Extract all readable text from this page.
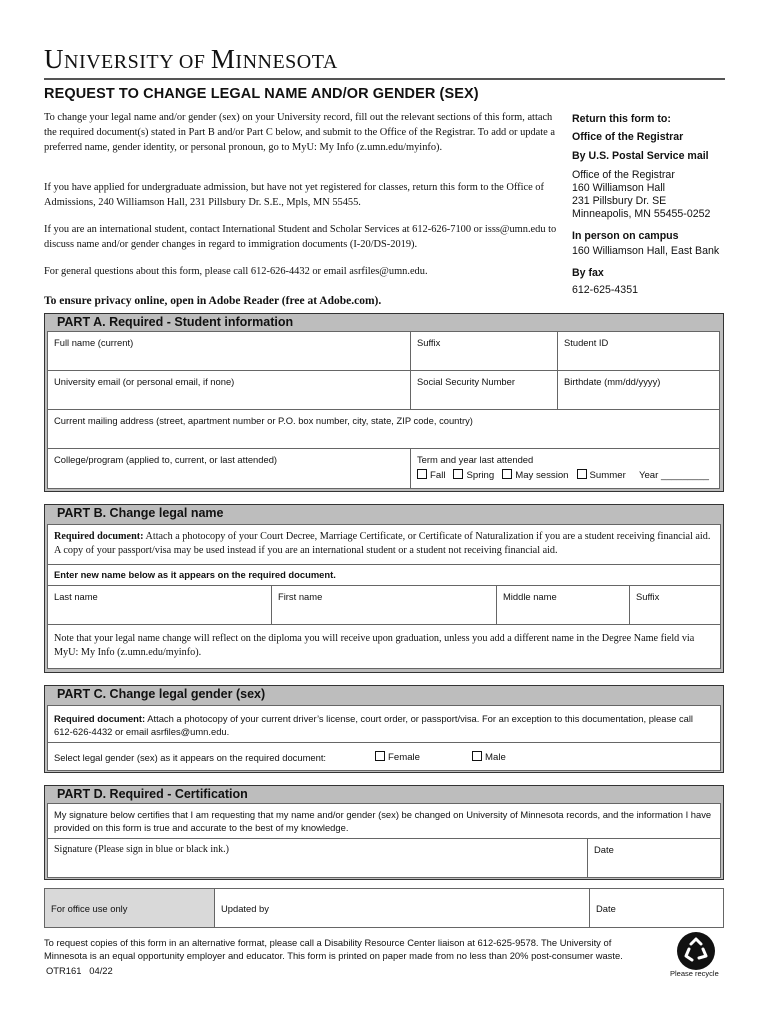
UNIVERSITY OF MINNESOTA
REQUEST TO CHANGE LEGAL NAME AND/OR GENDER (SEX)
To change your legal name and/or gender (sex) on your University record, fill out the relevant sections of this form, attach the required document(s) stated in Part B and/or Part C below, and submit to the Office of the Registrar. To add or update a preferred name, gender identity, or personal pronoun, go to MyU: My Info (z.umn.edu/myinfo).
If you have applied for undergraduate admission, but have not yet registered for classes, return this form to the Office of Admissions, 240 Williamson Hall, 231 Pillsbury Dr. S.E., Mpls, MN 55455.
If you are an international student, contact International Student and Scholar Services at 612-626-7100 or isss@umn.edu to discuss name and/or gender changes in regard to immigration documents (I-20/DS-2019).
For general questions about this form, please call 612-626-4432 or email asrfiles@umn.edu.
To ensure privacy online, open in Adobe Reader (free at Adobe.com).
Return this form to:
Office of the Registrar
By U.S. Postal Service mail
Office of the Registrar
160 Williamson Hall
231 Pillsbury Dr. SE
Minneapolis, MN 55455-0252
In person on campus
160 Williamson Hall, East Bank
By fax
612-625-4351
PART A. Required - Student information
Full name (current)	Suffix	Student ID
University email (or personal email, if none)	Social Security Number	Birthdate (mm/dd/yyyy)
Current mailing address (street, apartment number or P.O. box number, city, state, ZIP code, country)
College/program (applied to, current, or last attended)	Term and year last attended
Fall Spring May session Summer Year _________
PART B. Change legal name
Required document: Attach a photocopy of your Court Decree, Marriage Certificate, or Certificate of Naturalization if you are a student receiving financial aid. A copy of your passport/visa may be used instead if you are an international student or a student not receiving financial aid.
Enter new name below as it appears on the required document.
Last name	First name	Middle name	Suffix
Note that your legal name change will reflect on the diploma you will receive upon graduation, unless you add a different name in the Degree Name field via MyU: My Info (z.umn.edu/myinfo).
PART C. Change legal gender (sex)
Required document: Attach a photocopy of your current driver’s license, court order, or passport/visa. For an exception to this documentation, please call 612-626-4432 or email asrfiles@umn.edu.
Select legal gender (sex) as it appears on the required document:	Female	Male
PART D. Required - Certification
My signature below certifies that I am requesting that my name and/or gender (sex) be changed on University of Minnesota records, and the information I have provided on this form is true and accurate to the best of my knowledge.
Signature (Please sign in blue or black ink.)	Date
For office use only	Updated by	Date
To request copies of this form in an alternative format, please call a Disability Resource Center liaison at 612-625-9578. The University of Minnesota is an equal opportunity employer and educator. This form is printed on paper made from no less than 20% post-consumer waste.
OTR161 04/22	Please recycle
